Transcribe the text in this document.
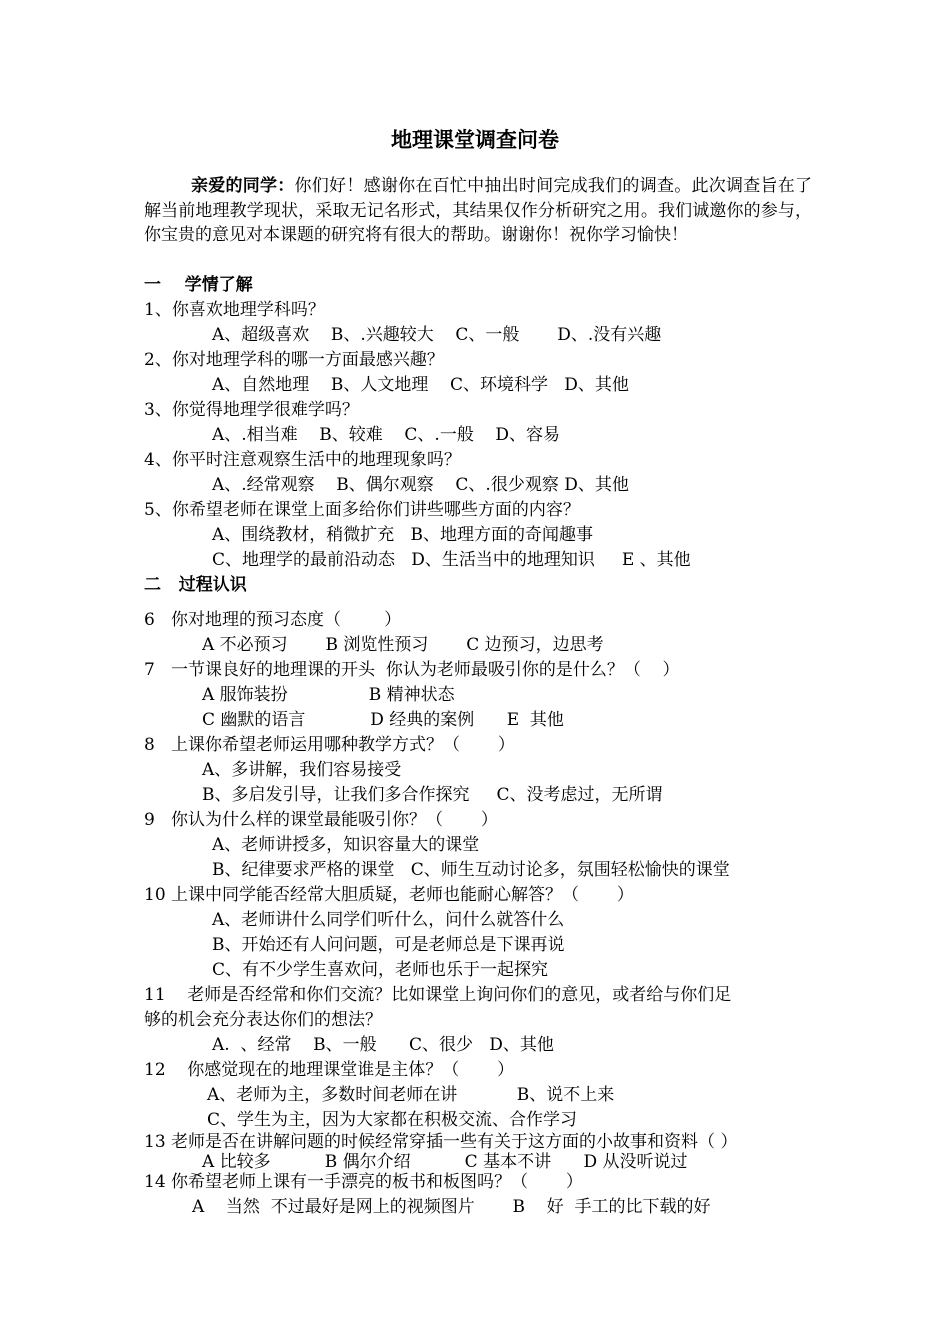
地理课堂调查问卷
亲爱的同学：你们好！感谢你在百忙中抽出时间完成我们的调查。此次调查旨在了解当前地理教学现状，采取无记名形式，其结果仅作分析研究之用。我们诚邀你的参与，你宝贵的意见对本课题的研究将有很大的帮助。谢谢你！祝你学习愉快！
一    学情了解
1、你喜欢地理学科吗？
A、超级喜欢    B、.兴趣较大    C、一般       D、.没有兴趣
2、你对地理学科的哪一方面最感兴趣？
A、自然地理    B、人文地理    C、环境科学   D、其他
3、你觉得地理学很难学吗？
A、.相当难    B、较难    C、.一般    D、容易
4、你平时注意观察生活中的地理现象吗？
A、.经常观察    B、偶尔观察    C、.很少观察 D、其他
5、你希望老师在课堂上面多给你们讲些哪些方面的内容？
A、围绕教材，稍微扩充   B、地理方面的奇闻趣事
C、地理学的最前沿动态   D、生活当中的地理知识     E 、其他
二   过程认识
6   你对地理的预习态度（        ）
A 不必预习       B 浏览性预习       C 边预习，边思考
7   一节课良好的地理课的开头  你认为老师最吸引你的是什么？（    ）
A 服饰装扮               B 精神状态
C 幽默的语言            D 经典的案例      E  其他
8   上课你希望老师运用哪种教学方式？（       ）
A、多讲解，我们容易接受
B、多启发引导，让我们多合作探究     C、没考虑过，无所谓
9   你认为什么样的课堂最能吸引你？（       ）
A、老师讲授多，知识容量大的课堂
B、纪律要求严格的课堂   C、师生互动讨论多，氛围轻松愉快的课堂
10 上课中同学能否经常大胆质疑，老师也能耐心解答？（       ）
A、老师讲什么同学们听什么，问什么就答什么
B、开始还有人问问题，可是老师总是下课再说
C、有不少学生喜欢问，老师也乐于一起探究
11    老师是否经常和你们交流？比如课堂上询问你们的意见，或者给与你们足
够的机会充分表达你们的想法？
A.  、经常    B、一般      C、很少   D、其他
12    你感觉现在的地理课堂谁是主体？（       ）
A、老师为主，多数时间老师在讲           B、说不上来
C、学生为主，因为大家都在积极交流、合作学习
13 老师是否在讲解问题的时候经常穿插一些有关于这方面的小故事和资料（ ）
A 比较多          B 偶尔介绍          C 基本不讲      D 从没听说过
14 你希望老师上课有一手漂亮的板书和板图吗？（       ）
A    当然  不过最好是网上的视频图片       B    好  手工的比下载的好
